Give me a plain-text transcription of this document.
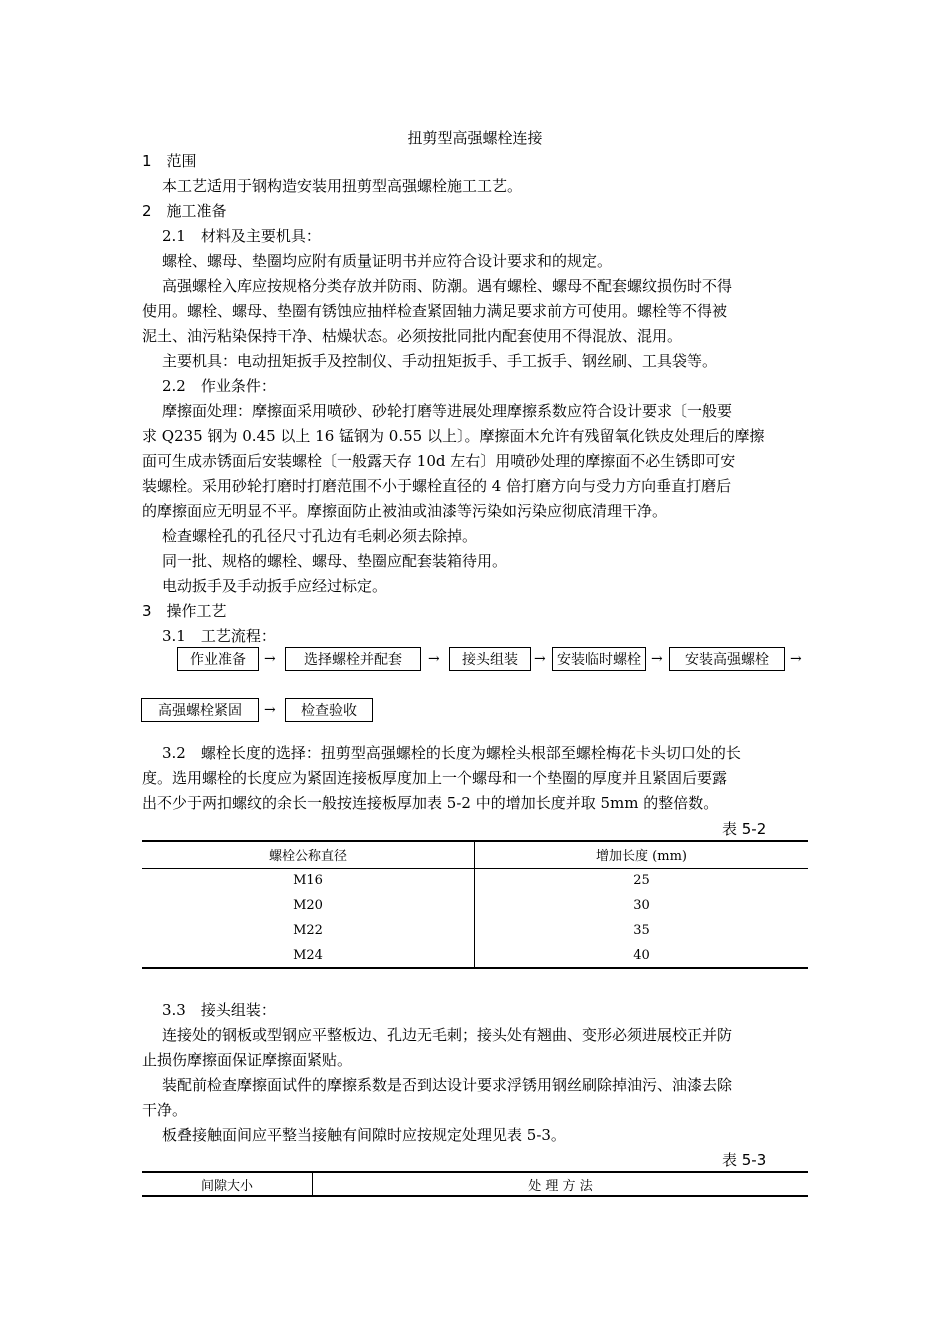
扭剪型高强螺栓连接
1　范围
本工艺适用于钢构造安装用扭剪型高强螺栓施工工艺。
2　施工准备
2.1　材料及主要机具：
螺栓、螺母、垫圈均应附有质量证明书并应符合设计要求和的规定。
高强螺栓入库应按规格分类存放并防雨、防潮。遇有螺栓、螺母不配套螺纹损伤时不得
使用。螺栓、螺母、垫圈有锈蚀应抽样检查紧固轴力满足要求前方可使用。螺栓等不得被
泥土、油污粘染保持干净、枯燥状态。必须按批同批内配套使用不得混放、混用。
主要机具：电动扭矩扳手及控制仪、手动扭矩扳手、手工扳手、钢丝刷、工具袋等。
2.2　作业条件：
摩擦面处理：摩擦面采用喷砂、砂轮打磨等进展处理摩擦系数应符合设计要求〔一般要
求 Q235 钢为 0.45 以上 16 锰钢为 0.55 以上〕。摩擦面木允许有残留氧化铁皮处理后的摩擦
面可生成赤锈面后安装螺栓〔一般露天存 10d 左右〕用喷砂处理的摩擦面不必生锈即可安
装螺栓。采用砂轮打磨时打磨范围不小于螺栓直径的 4 倍打磨方向与受力方向垂直打磨后
的摩擦面应无明显不平。摩擦面防止被油或油漆等污染如污染应彻底清理干净。
检查螺栓孔的孔径尺寸孔边有毛刺必须去除掉。
同一批、规格的螺栓、螺母、垫圈应配套装箱待用。
电动扳手及手动扳手应经过标定。
3　操作工艺
3.1　工艺流程：
作业准备	→	选择螺栓并配套	→	接头组装	→ 安装临时螺栓 →	安装高强螺栓	→
高强螺栓紧固	→	检查验收
3.2　螺栓长度的选择：扭剪型高强螺栓的长度为螺栓头根部至螺栓梅花卡头切口处的长
度。选用螺栓的长度应为紧固连接板厚度加上一个螺母和一个垫圈的厚度并且紧固后要露
出不少于两扣螺纹的余长一般按连接板厚加表 5-2 中的增加长度并取 5mm 的整倍数。
表 5-2
螺栓公称直径	增加长度 (mm)
M16	25
M20	30
M22	35
M24	40
3.3　接头组装：
连接处的钢板或型钢应平整板边、孔边无毛刺；接头处有翘曲、变形必须进展校正并防
止损伤摩擦面保证摩擦面紧贴。
装配前检查摩擦面试件的摩擦系数是否到达设计要求浮锈用钢丝刷除掉油污、油漆去除
干净。
板叠接触面间应平整当接触有间隙时应按规定处理见表 5-3。
表 5-3
间隙大小	处 理 方 法
